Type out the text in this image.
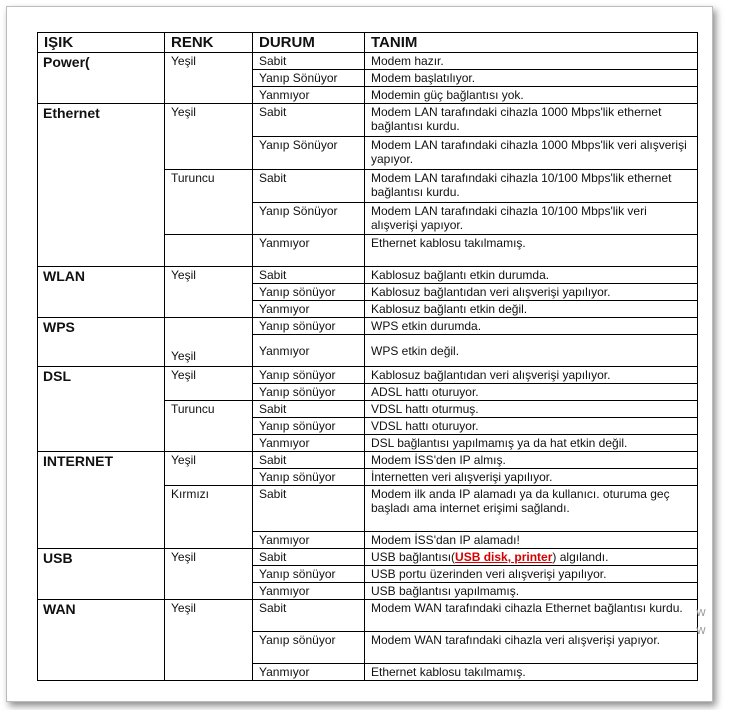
IŞIK	RENK	DURUM	TANIM
Power(	Yeşil	Sabit	Modem hazır.
		Yanıp Sönüyor	Modem başlatılıyor.
		Yanmıyor	Modemin güç bağlantısı yok.
Ethernet	Yeşil	Sabit	Modem LAN tarafındaki cihazla 1000 Mbps'lik ethernet bağlantısı kurdu.
		Yanıp Sönüyor	Modem LAN tarafındaki cihazla 1000 Mbps'lik veri alışverişi yapıyor.
	Turuncu	Sabit	Modem LAN tarafındaki cihazla 10/100 Mbps'lik ethernet bağlantısı kurdu.
		Yanıp Sönüyor	Modem LAN tarafındaki cihazla 10/100 Mbps'lik veri alışverişi yapıyor.
		Yanmıyor	Ethernet kablosu takılmamış.
WLAN	Yeşil	Sabit	Kablosuz bağlantı etkin durumda.
		Yanıp sönüyor	Kablosuz bağlantıdan veri alışverişi yapılıyor.
		Yanmıyor	Kablosuz bağlantı etkin değil.
WPS	Yeşil	Yanıp sönüyor	WPS etkin durumda.
		Yanmıyor	WPS etkin değil.
DSL	Yeşil	Yanıp sönüyor	Kablosuz bağlantıdan veri alışverişi yapılıyor.
		Yanıp sönüyor	ADSL hattı oturuyor.
	Turuncu	Sabit	VDSL hattı oturmuş.
		Yanıp sönüyor	VDSL hattı oturuyor.
		Yanmıyor	DSL bağlantısı yapılmamış ya da hat etkin değil.
INTERNET	Yeşil	Sabit	Modem İSS'den IP almış.
		Yanıp sönüyor	İnternetten veri alışverişi yapılıyor.
	Kırmızı	Sabit	Modem ilk anda IP alamadı ya da kullanıcı. oturuma geç başladı ama internet erişimi sağlandı.
		Yanmıyor	Modem İSS'dan IP alamadı!
USB	Yeşil	Sabit	USB bağlantısı(USB disk, printer) algılandı.
		Yanıp sönüyor	USB portu üzerinden veri alışverişi yapılıyor.
		Yanmıyor	USB bağlantısı yapılmamış.
WAN	Yeşil	Sabit	Modem WAN tarafındaki cihazla Ethernet bağlantısı kurdu.
		Yanıp sönüyor	Modem WAN tarafındaki cihazla veri alışverişi yapıyor.
		Yanmıyor	Ethernet kablosu takılmamış.
W
W
